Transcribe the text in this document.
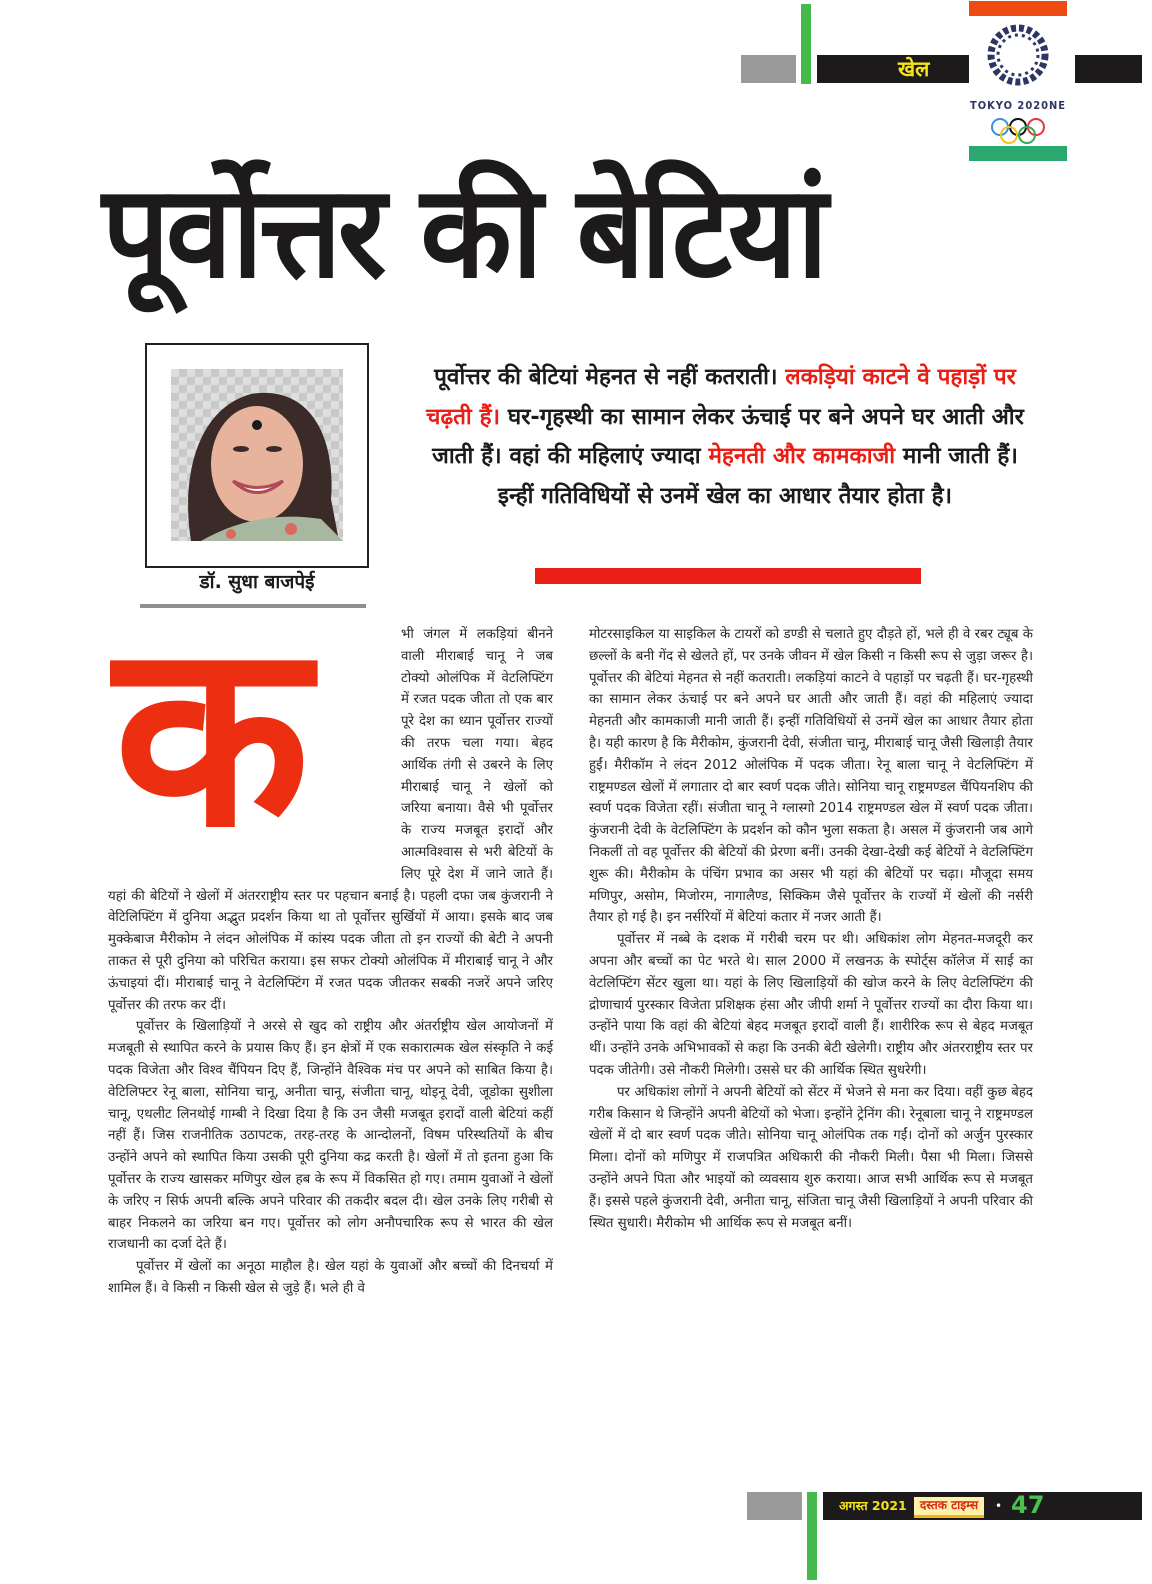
खेल
TOKYO 2020NE
पूर्वोत्तर की बेटियां
डॉ. सुधा बाजपेई
पूर्वोत्तर की बेटियां मेहनत से नहीं कतराती। लकड़ियां काटने वे पहाड़ों पर चढ़ती हैं। घर-गृहस्थी का सामान लेकर ऊंचाई पर बने अपने घर आती और जाती हैं। वहां की महिलाएं ज्यादा मेहनती और कामकाजी मानी जाती हैं। इन्हीं गतिविधियों से उनमें खेल का आधार तैयार होता है।
क	भी जंगल में लकड़ियां बीनने वाली मीराबाई चानू ने जब टोक्यो ओलंपिक में वेटलिफ्टिंग में रजत पदक जीता तो एक बार पूरे देश का ध्यान पूर्वोत्तर राज्यों की तरफ चला गया। बेहद आर्थिक तंगी से उबरने के लिए मीराबाई चानू ने खेलों को जरिया बनाया। वैसे भी पूर्वोत्तर के राज्य मजबूत इरादों और आत्मविश्वास से भरी बेटियों के लिए पूरे देश में जाने जाते हैं। यहां की बेटियों ने खेलों में अंतरराष्ट्रीय स्तर पर पहचान बनाई है। पहली दफा जब कुंजरानी ने वेटिलिफ्टिंग में दुनिया अद्भुत प्रदर्शन किया था तो पूर्वोत्तर सुर्खियों में आया। इसके बाद जब मुक्केबाज मैरीकोम ने लंदन ओलंपिक में कांस्य पदक जीता तो इन राज्यों की बेटी ने अपनी ताकत से पूरी दुनिया को परिचित कराया। इस सफर टोक्यो ओलंपिक में मीराबाई चानू ने और ऊंचाइयां दीं। मीराबाई चानू ने वेटलिफ्टिंग में रजत पदक जीतकर सबकी नजरें अपने जरिए पूर्वोत्तर की तरफ कर दीं।

पूर्वोत्तर के खिलाड़ियों ने अरसे से खुद को राष्ट्रीय और अंतर्राष्ट्रीय खेल आयोजनों में मजबूती से स्थापित करने के प्रयास किए हैं। इन क्षेत्रों में एक सकारात्मक खेल संस्कृति ने कई पदक विजेता और विश्व चैंपियन दिए हैं, जिन्होंने वैश्विक मंच पर अपने को साबित किया है। वेटिलिफ्टर रेनू बाला, सोनिया चानू, अनीता चानू, संजीता चानू, थोइनू देवी, जूडोका सुशीला चानू, एथलीट लिनथोई गाम्बी ने दिखा दिया है कि उन जैसी मजबूत इरादों वाली बेटियां कहीं नहीं हैं। जिस राजनीतिक उठापटक, तरह-तरह के आन्दोलनों, विषम परिस्थतियों के बीच उन्होंने अपने को स्थापित किया उसकी पूरी दुनिया कद्र करती है। खेलों में तो इतना हुआ कि पूर्वोत्तर के राज्य खासकर मणिपुर खेल हब के रूप में विकसित हो गए। तमाम युवाओं ने खेलों के जरिए न सिर्फ अपनी बल्कि अपने परिवार की तकदीर बदल दी। खेल उनके लिए गरीबी से बाहर निकलने का जरिया बन गए। पूर्वोत्तर को लोग अनौपचारिक रूप से भारत की खेल राजधानी का दर्जा देते हैं।

पूर्वोत्तर में खेलों का अनूठा माहौल है। खेल यहां के युवाओं और बच्चों की दिनचर्या में शामिल हैं। वे किसी न किसी खेल से जुड़े हैं। भले ही वे

मोटरसाइकिल या साइकिल के टायरों को डण्डी से चलाते हुए दौड़ते हों, भले ही वे रबर ट्यूब के छल्लों के बनी गेंद से खेलते हों, पर उनके जीवन में खेल किसी न किसी रूप से जुड़ा जरूर है। पूर्वोत्तर की बेटियां मेहनत से नहीं कतराती। लकड़ियां काटने वे पहाड़ों पर चढ़ती हैं। घर-गृहस्थी का सामान लेकर ऊंचाई पर बने अपने घर आती और जाती हैं। वहां की महिलाएं ज्यादा मेहनती और कामकाजी मानी जाती हैं। इन्हीं गतिविधियों से उनमें खेल का आधार तैयार होता है। यही कारण है कि मैरीकोम, कुंजरानी देवी, संजीता चानू, मीराबाई चानू जैसी खिलाड़ी तैयार हुईं। मैरीकॉम ने लंदन 2012 ओलंपिक में पदक जीता। रेनू बाला चानू ने वेटलिफ्टिंग में राष्ट्रमण्डल खेलों में लगातार दो बार स्वर्ण पदक जीते। सोनिया चानू राष्ट्रमण्डल चैंपियनशिप की स्वर्ण पदक विजेता रहीं। संजीता चानू ने ग्लास्गो 2014 राष्ट्रमण्डल खेल में स्वर्ण पदक जीता। कुंजरानी देवी के वेटलिफ्टिंग के प्रदर्शन को कौन भुला सकता है। असल में कुंजरानी जब आगे निकलीं तो वह पूर्वोत्तर की बेटियों की प्रेरणा बनीं। उनकी देखा-देखी कई बेटियों ने वेटलिफ्टिंग शुरू की। मैरीकोम के पंचिंग प्रभाव का असर भी यहां की बेटियों पर चढ़ा। मौजूदा समय मणिपुर, असोम, मिजोरम, नागालैण्ड, सिक्किम जैसे पूर्वोत्तर के राज्यों में खेलों की नर्सरी तैयार हो गई है। इन नर्सरियों में बेटियां कतार में नजर आती हैं।

पूर्वोत्तर में नब्बे के दशक में गरीबी चरम पर थी। अधिकांश लोग मेहनत-मजदूरी कर अपना और बच्चों का पेट भरते थे। साल 2000 में लखनऊ के स्पोर्ट्स कॉलेज में साई का वेटलिफ्टिंग सेंटर खुला था। यहां के लिए खिलाड़ियों की खोज करने के लिए वेटलिफ्टिंग की द्रोणाचार्य पुरस्कार विजेता प्रशिक्षक हंसा और जीपी शर्मा ने पूर्वोत्तर राज्यों का दौरा किया था। उन्होंने पाया कि वहां की बेटियां बेहद मजबूत इरादों वाली हैं। शारीरिक रूप से बेहद मजबूत थीं। उन्होंने उनके अभिभावकों से कहा कि उनकी बेटी खेलेगी। राष्ट्रीय और अंतरराष्ट्रीय स्तर पर पदक जीतेगी। उसे नौकरी मिलेगी। उससे घर की आर्थिक स्थित सुधरेगी।

पर अधिकांश लोगों ने अपनी बेटियों को सेंटर में भेजने से मना कर दिया। वहीं कुछ बेहद गरीब किसान थे जिन्होंने अपनी बेटियों को भेजा। इन्होंने ट्रेनिंग की। रेनूबाला चानू ने राष्ट्रमण्डल खेलों में दो बार स्वर्ण पदक जीते। सोनिया चानू ओलंपिक तक गईं। दोनों को अर्जुन पुरस्कार मिला। दोनों को मणिपुर में राजपत्रित अधिकारी की नौकरी मिली। पैसा भी मिला। जिससे उन्होंने अपने पिता और भाइयों को व्यवसाय शुरु कराया। आज सभी आर्थिक रूप से मजबूत हैं। इससे पहले कुंजरानी देवी, अनीता चानू, संजिता चानू जैसी खिलाड़ियों ने अपनी परिवार की स्थित सुधारी। मैरीकोम भी आर्थिक रूप से मजबूत बनीं।

अगस्त 2021	दस्तक टाइम्स	• 47
